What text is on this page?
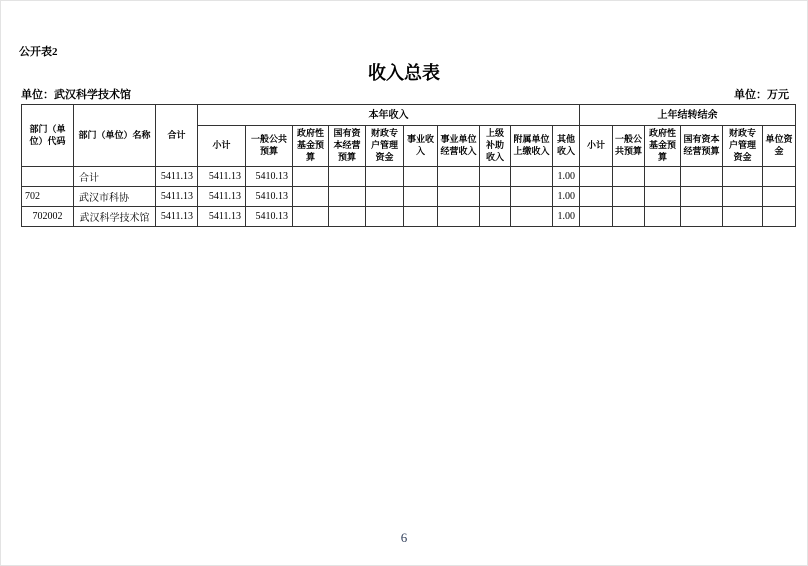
公开表2
收入总表
单位：武汉科学技术馆	单位：万元
部门（单位）代码	部门（单位）名称	合计	本年收入										上年结转结余					
			小计	一般公共预算	政府性基金预算	国有资本经营预算	财政专户管理资金	事业收入	事业单位经营收入	上级补助收入	附属单位上缴收入	其他收入	小计	一般公共预算	政府性基金预算	国有资本经营预算	财政专户管理资金	单位资金
	合计	5411.13	5411.13	5410.13								1.00						
702	武汉市科协	5411.13	5411.13	5410.13								1.00						
702002	武汉科学技术馆	5411.13	5411.13	5410.13								1.00						
6
